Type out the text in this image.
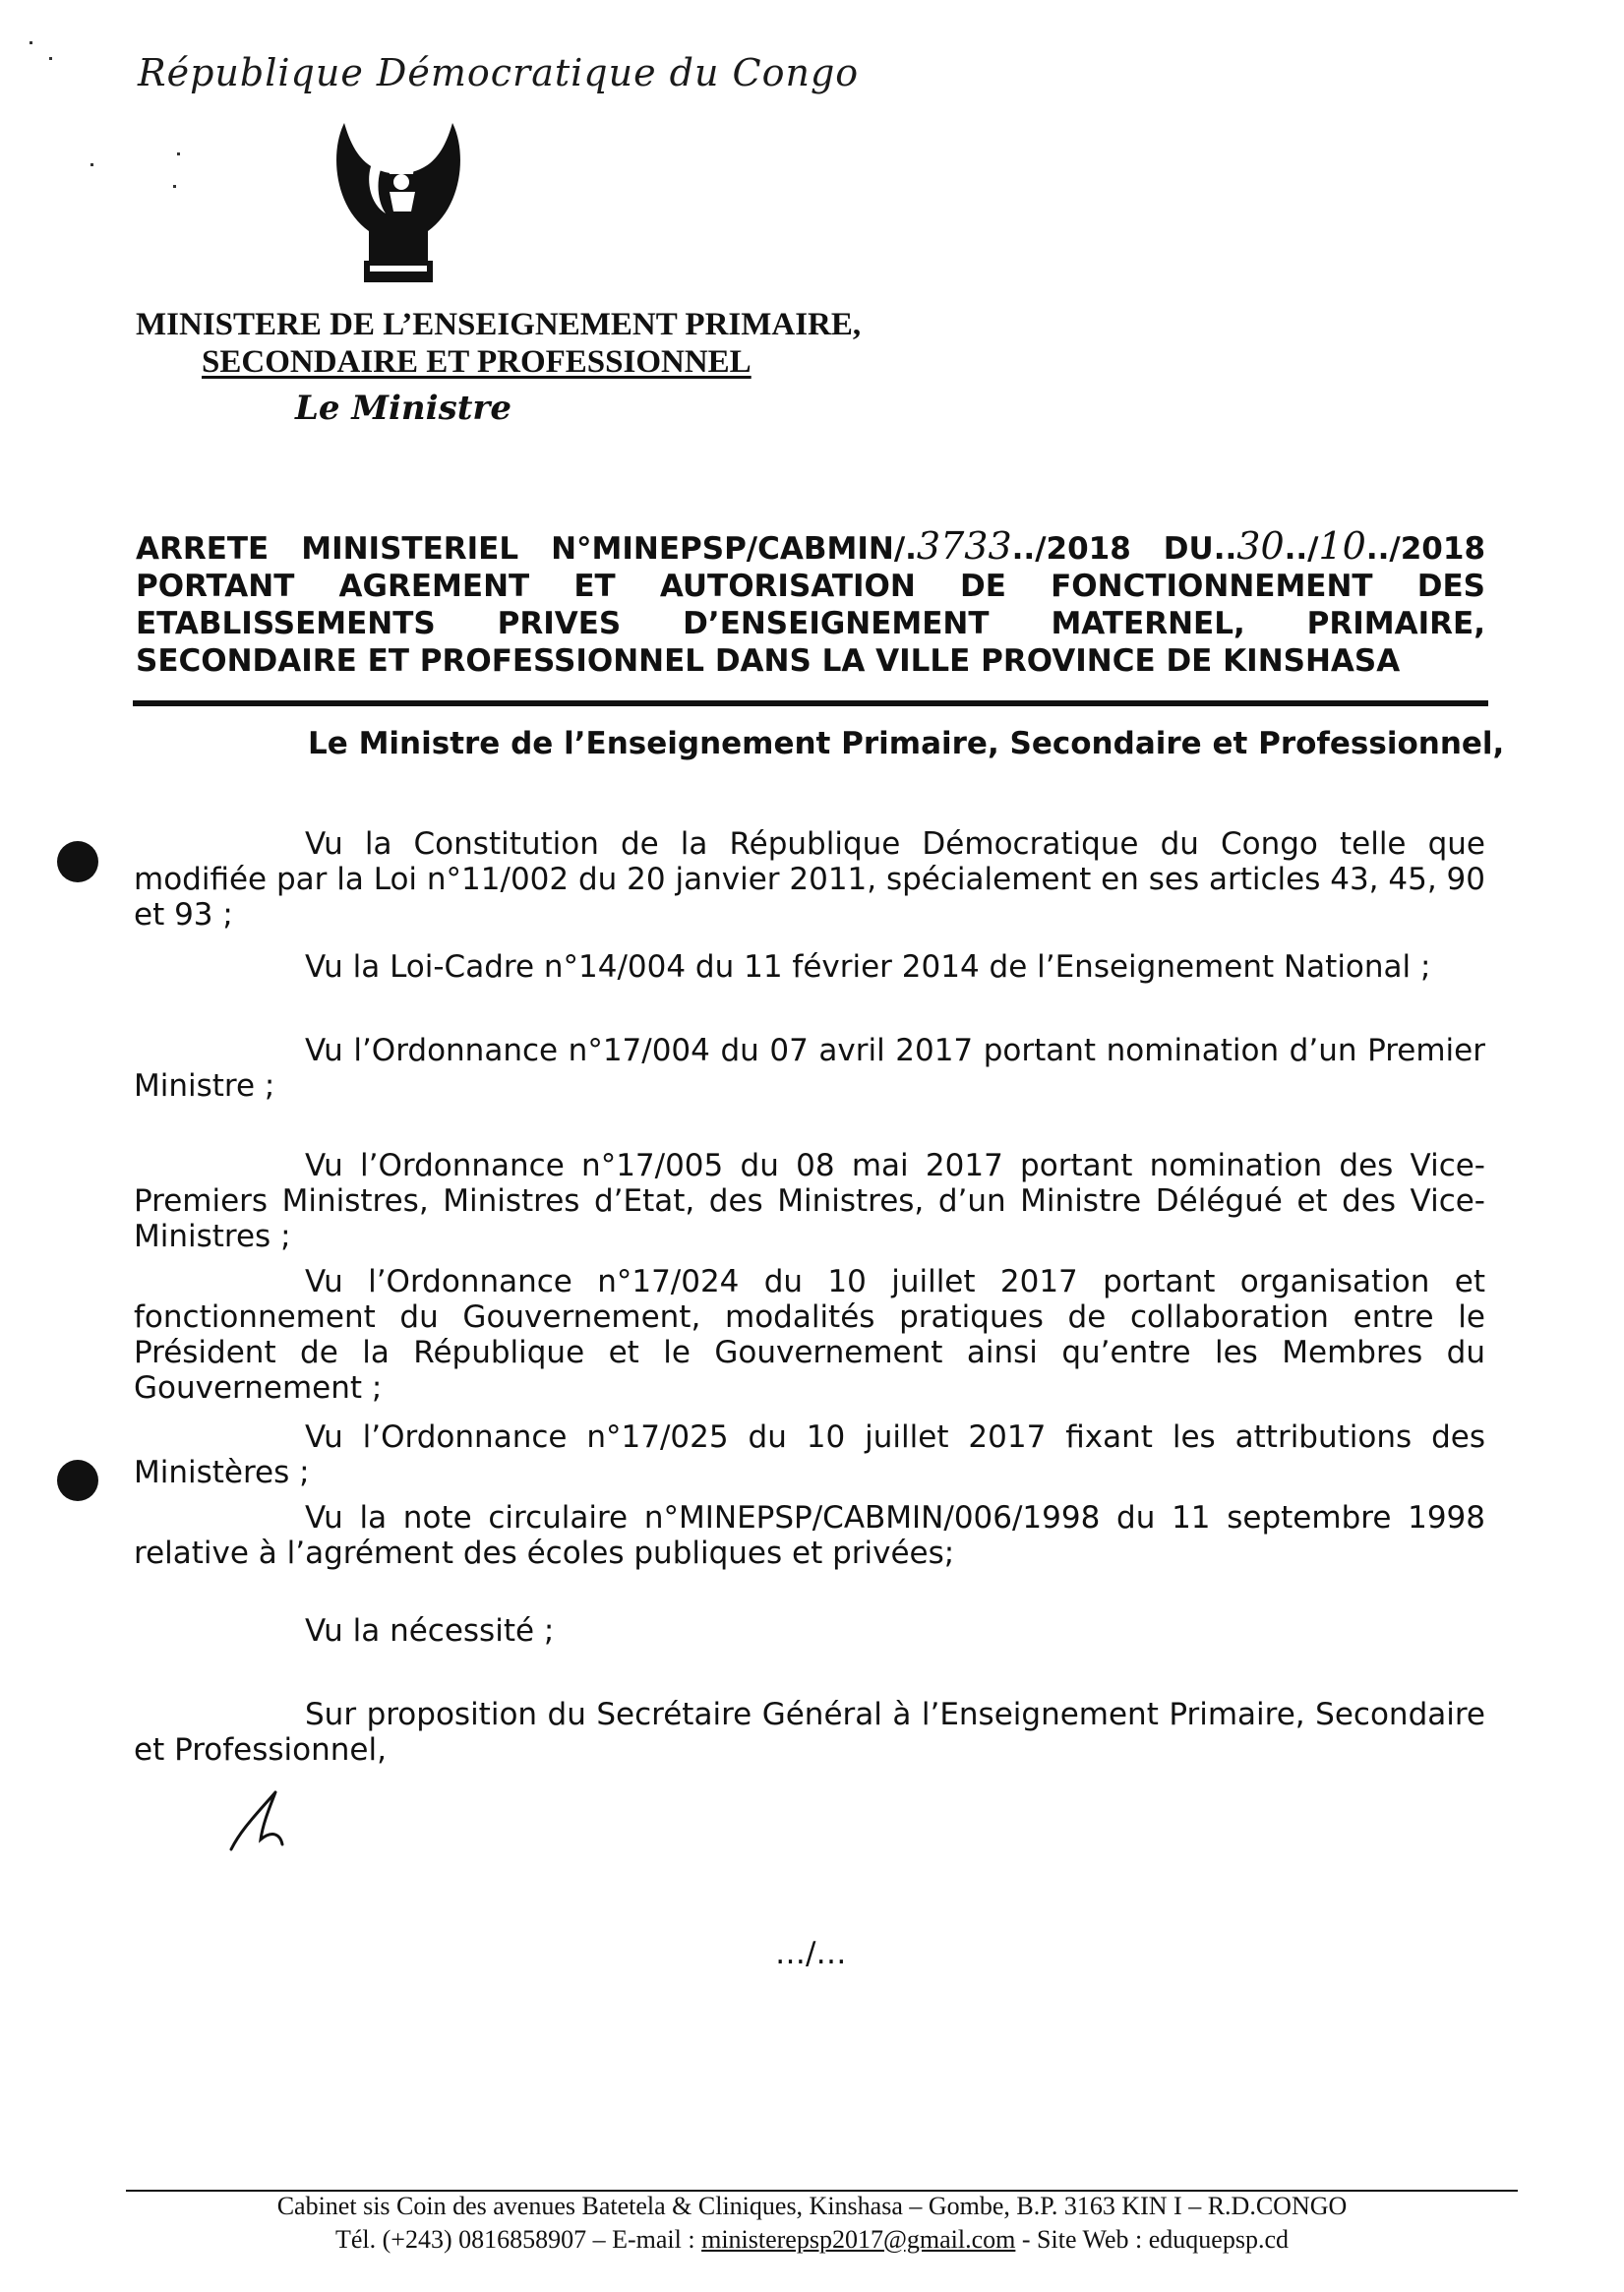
République Démocratique du Congo
MINISTERE DE L’ENSEIGNEMENT PRIMAIRE,
SECONDAIRE ET PROFESSIONNEL
Le Ministre
ARRETE MINISTERIEL N°MINEPSP/CABMIN/.3733../2018 DU..30../10../2018
PORTANT AGREMENT ET AUTORISATION DE FONCTIONNEMENT DES
ETABLISSEMENTS PRIVES D’ENSEIGNEMENT MATERNEL, PRIMAIRE,
SECONDAIRE ET PROFESSIONNEL DANS LA VILLE PROVINCE DE KINSHASA
Le Ministre de l’Enseignement Primaire, Secondaire et Professionnel,
Vu la Constitution de la République Démocratique du Congo telle que modifiée par la Loi n°11/002 du 20 janvier 2011, spécialement en ses articles 43, 45, 90 et 93 ;
Vu la Loi-Cadre n°14/004 du 11 février 2014 de l’Enseignement National ;
Vu l’Ordonnance n°17/004 du 07 avril 2017 portant nomination d’un Premier Ministre ;
Vu l’Ordonnance n°17/005 du 08 mai 2017 portant nomination des Vice-Premiers Ministres, Ministres d’Etat, des Ministres, d’un Ministre Délégué et des Vice-Ministres ;
Vu l’Ordonnance n°17/024 du 10 juillet 2017 portant organisation et fonctionnement du Gouvernement, modalités pratiques de collaboration entre le Président de la République et le Gouvernement ainsi qu’entre les Membres du Gouvernement ;
Vu l’Ordonnance n°17/025 du 10 juillet 2017 fixant les attributions des Ministères ;
Vu la note circulaire n°MINEPSP/CABMIN/006/1998 du 11 septembre 1998 relative à l’agrément des écoles publiques et privées;
Vu la nécessité ;
Sur proposition du Secrétaire Général à l’Enseignement Primaire, Secondaire et Professionnel,
…/…
Cabinet sis Coin des avenues Batetela & Cliniques, Kinshasa – Gombe, B.P. 3163 KIN I – R.D.CONGO
Tél. (+243) 0816858907 – E-mail : ministerepsp2017@gmail.com - Site Web : eduquepsp.cd
